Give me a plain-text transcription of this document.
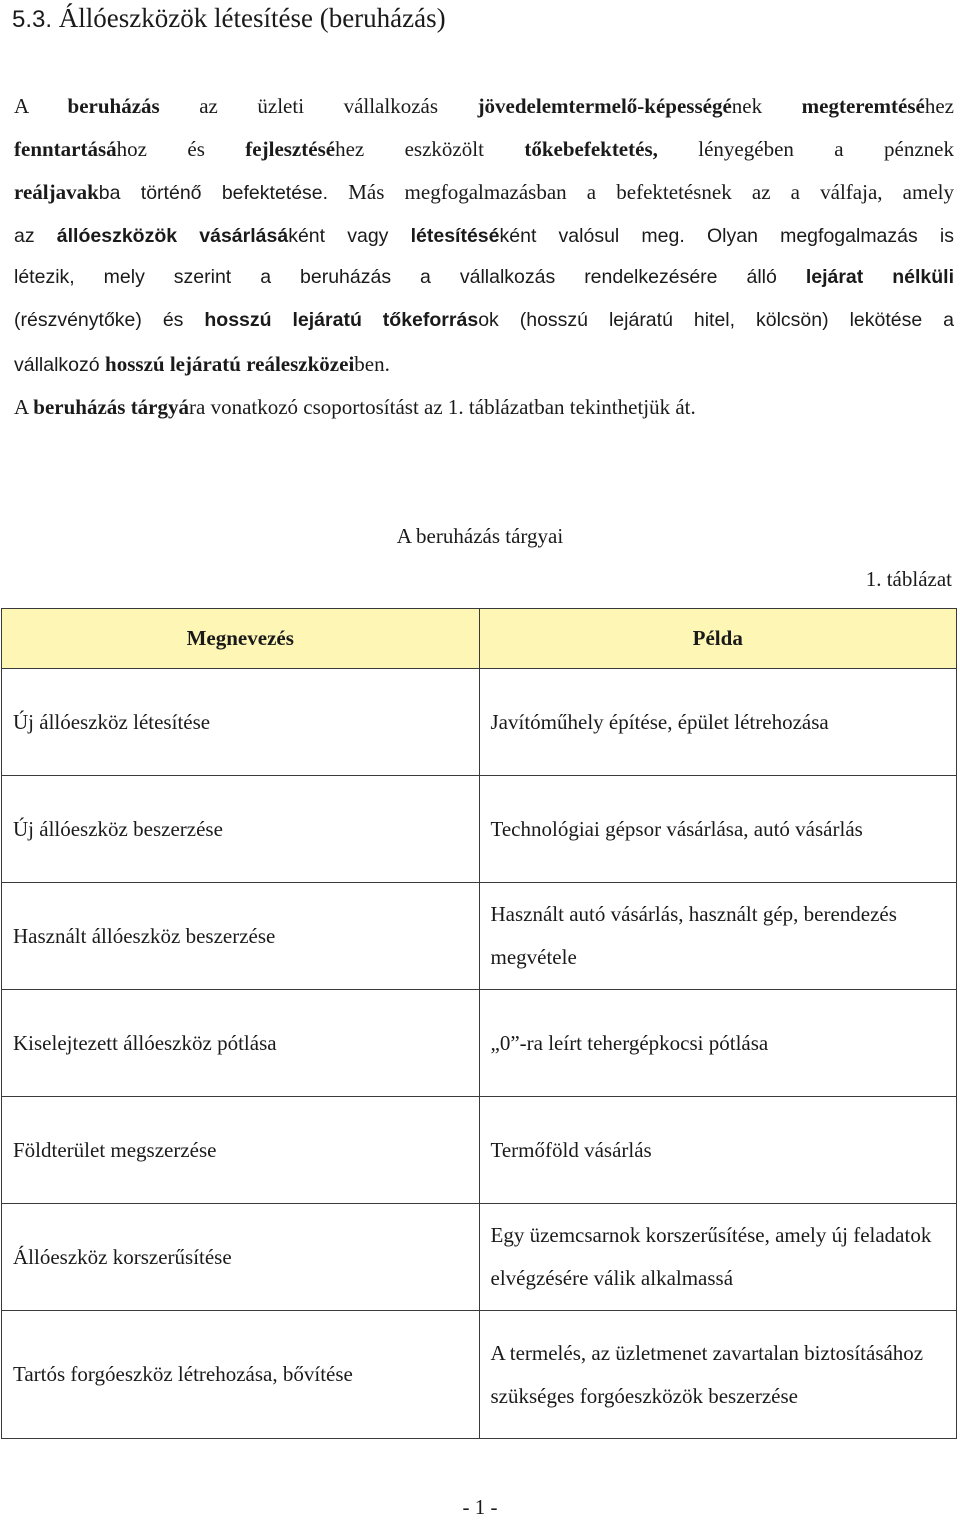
5.3. Állóeszközök létesítése (beruházás)
A beruházás az üzleti vállalkozás jövedelemtermelő-képességének megteremtéséhez
fenntartásához és fejlesztéséhez eszközölt tőkebefektetés, lényegében a pénznek
reáljavakba történő befektetése. Más megfogalmazásban a befektetésnek az a válfaja, amely
az állóeszközök vásárlásáként vagy létesítéséként valósul meg. Olyan megfogalmazás is
létezik, mely szerint a beruházás a vállalkozás rendelkezésére álló lejárat nélküli
(részvénytőke) és hosszú lejáratú tőkeforrások (hosszú lejáratú hitel, kölcsön) lekötése a
vállalkozó hosszú lejáratú reáleszközeiben.
A beruházás tárgyára vonatkozó csoportosítást az 1. táblázatban tekinthetjük át.
A beruházás tárgyai
1. táblázat
Megnevezés	Példa
Új állóeszköz létesítése	Javítóműhely építése, épület létrehozása
Új állóeszköz beszerzése	Technológiai gépsor vásárlása, autó vásárlás
Használt állóeszköz beszerzése	Használt autó vásárlás, használt gép, berendezés megvétele
Kiselejtezett állóeszköz pótlása	„0”-ra leírt tehergépkocsi pótlása
Földterület megszerzése	Termőföld vásárlás
Állóeszköz korszerűsítése	Egy üzemcsarnok korszerűsítése, amely új feladatok elvégzésére válik alkalmassá
Tartós forgóeszköz létrehozása, bővítése	A termelés, az üzletmenet zavartalan biztosításához szükséges forgóeszközök beszerzése
- 1 -
